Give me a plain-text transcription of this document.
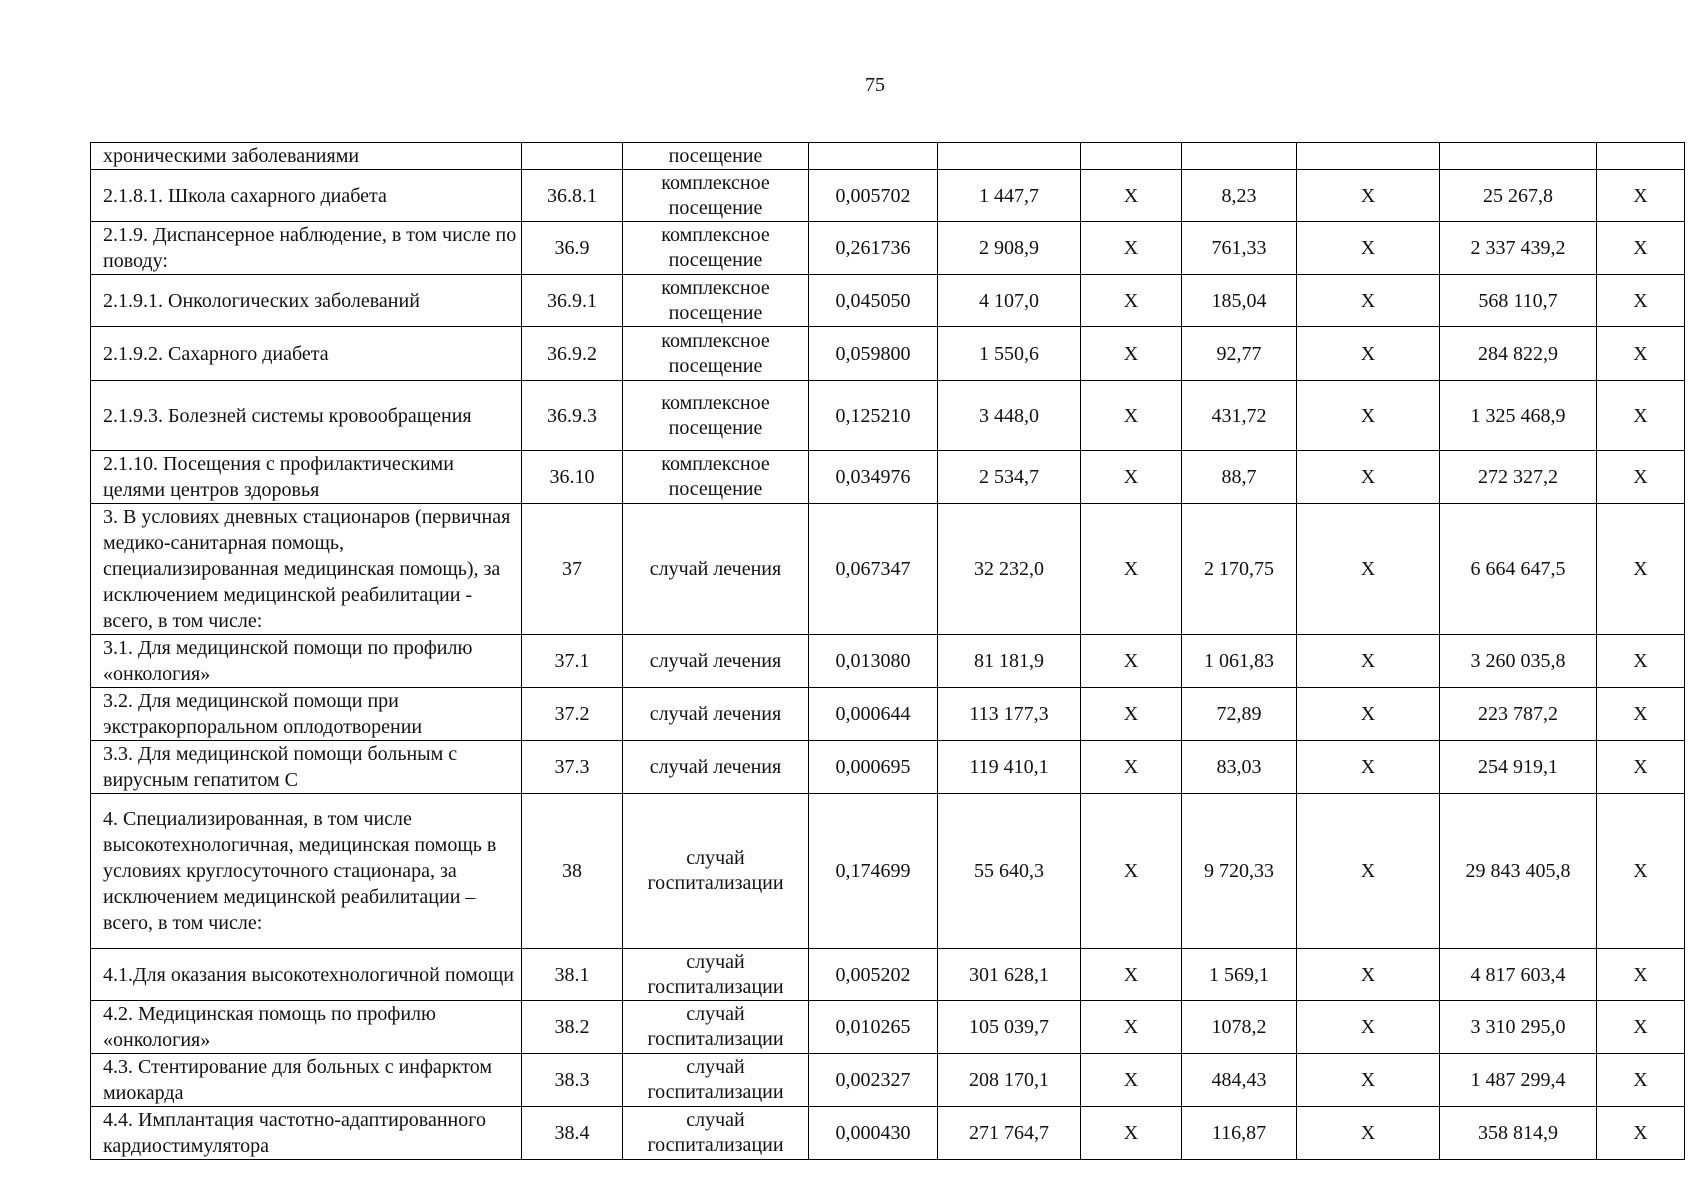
75
хроническими заболеваниями		посещение							
2.1.8.1. Школа сахарного диабета	36.8.1	комплексное посещение	0,005702	1 447,7	Х	8,23	Х	25 267,8	Х
2.1.9. Диспансерное наблюдение, в том числе по поводу:	36.9	комплексное посещение	0,261736	2 908,9	Х	761,33	Х	2 337 439,2	Х
2.1.9.1. Онкологических заболеваний	36.9.1	комплексное посещение	0,045050	4 107,0	Х	185,04	Х	568 110,7	Х
2.1.9.2. Сахарного диабета	36.9.2	комплексное посещение	0,059800	1 550,6	Х	92,77	Х	284 822,9	Х
2.1.9.3. Болезней системы кровообращения	36.9.3	комплексное посещение	0,125210	3 448,0	Х	431,72	Х	1 325 468,9	Х
2.1.10. Посещения с профилактическими целями центров здоровья	36.10	комплексное посещение	0,034976	2 534,7	Х	88,7	Х	272 327,2	Х
3. В условиях дневных стационаров (первичная медико-санитарная помощь, специализированная медицинская помощь), за исключением медицинской реабилитации - всего, в том числе:	37	случай лечения	0,067347	32 232,0	Х	2 170,75	Х	6 664 647,5	Х
3.1. Для медицинской помощи по профилю «онкология»	37.1	случай лечения	0,013080	81 181,9	Х	1 061,83	Х	3 260 035,8	Х
3.2. Для медицинской помощи при экстракорпоральном оплодотворении	37.2	случай лечения	0,000644	113 177,3	Х	72,89	Х	223 787,2	Х
3.3. Для медицинской помощи больным с вирусным гепатитом С	37.3	случай лечения	0,000695	119 410,1	Х	83,03	Х	254 919,1	Х
4. Специализированная, в том числе высокотехнологичная, медицинская помощь в условиях круглосуточного стационара, за исключением медицинской реабилитации – всего, в том числе:	38	случай госпитализации	0,174699	55 640,3	Х	9 720,33	Х	29 843 405,8	Х
4.1.Для оказания высокотехнологичной помощи	38.1	случай госпитализации	0,005202	301 628,1	Х	1 569,1	Х	4 817 603,4	Х
4.2. Медицинская помощь по профилю «онкология»	38.2	случай госпитализации	0,010265	105 039,7	Х	1078,2	Х	3 310 295,0	Х
4.3. Стентирование для больных с инфарктом миокарда	38.3	случай госпитализации	0,002327	208 170,1	Х	484,43	Х	1 487 299,4	Х
4.4. Имплантация частотно-адаптированного кардиостимулятора	38.4	случай госпитализации	0,000430	271 764,7	Х	116,87	Х	358 814,9	Х
